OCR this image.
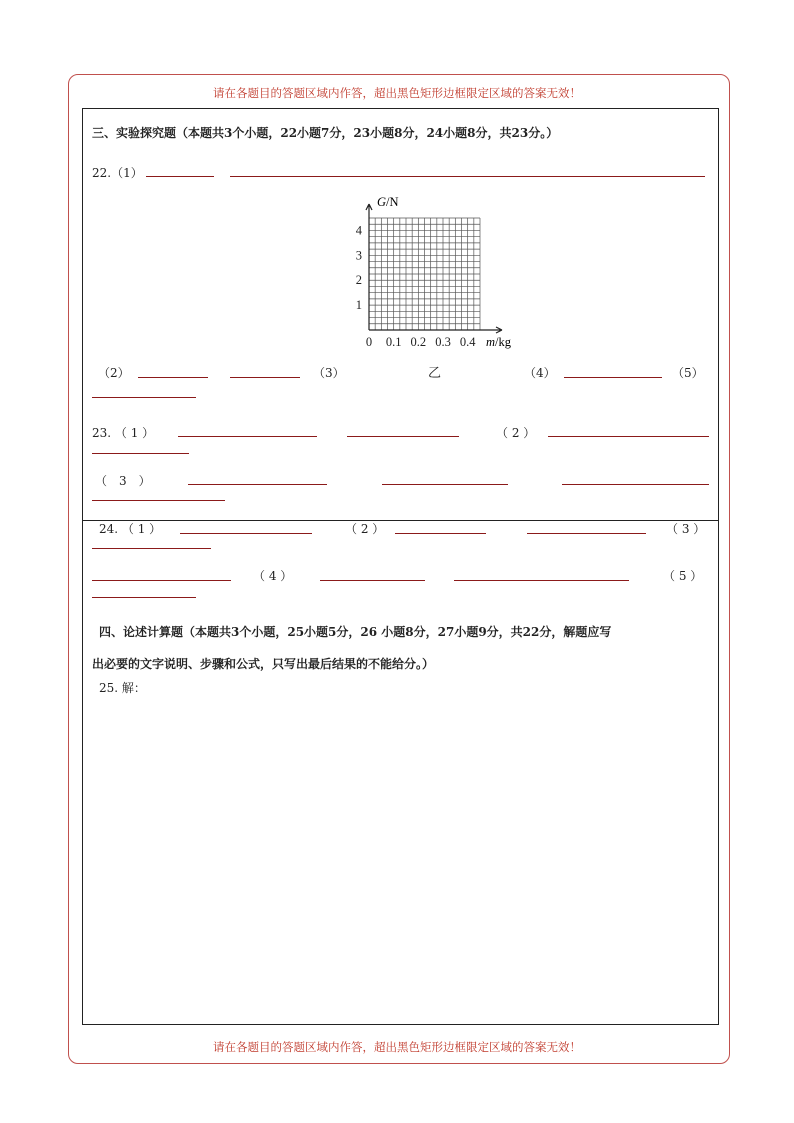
请在各题目的答题区域内作答，超出黑色矩形边框限定区域的答案无效！
三、实验探究题（本题共3个小题，22小题7分，23小题8分，24小题8分，共23分。）
22.（1）
0 0.1 0.2 0.3 0.4
1
2
3
4
G/N
m/kg
（2）	（3）	乙	（4）	（5）
23. （ 1 ）	（ 2 ）
（　3　）
24. （ 1 ）	（ 2 ）	（ 3 ）
（ 4 ）	（ 5 ）
四、论述计算题（本题共3个小题，25小题5分，26 小题8分，27小题9分，共22分，解题应写
出必要的文字说明、步骤和公式，只写出最后结果的不能给分。）
25. 解：
请在各题目的答题区域内作答，超出黑色矩形边框限定区域的答案无效！
